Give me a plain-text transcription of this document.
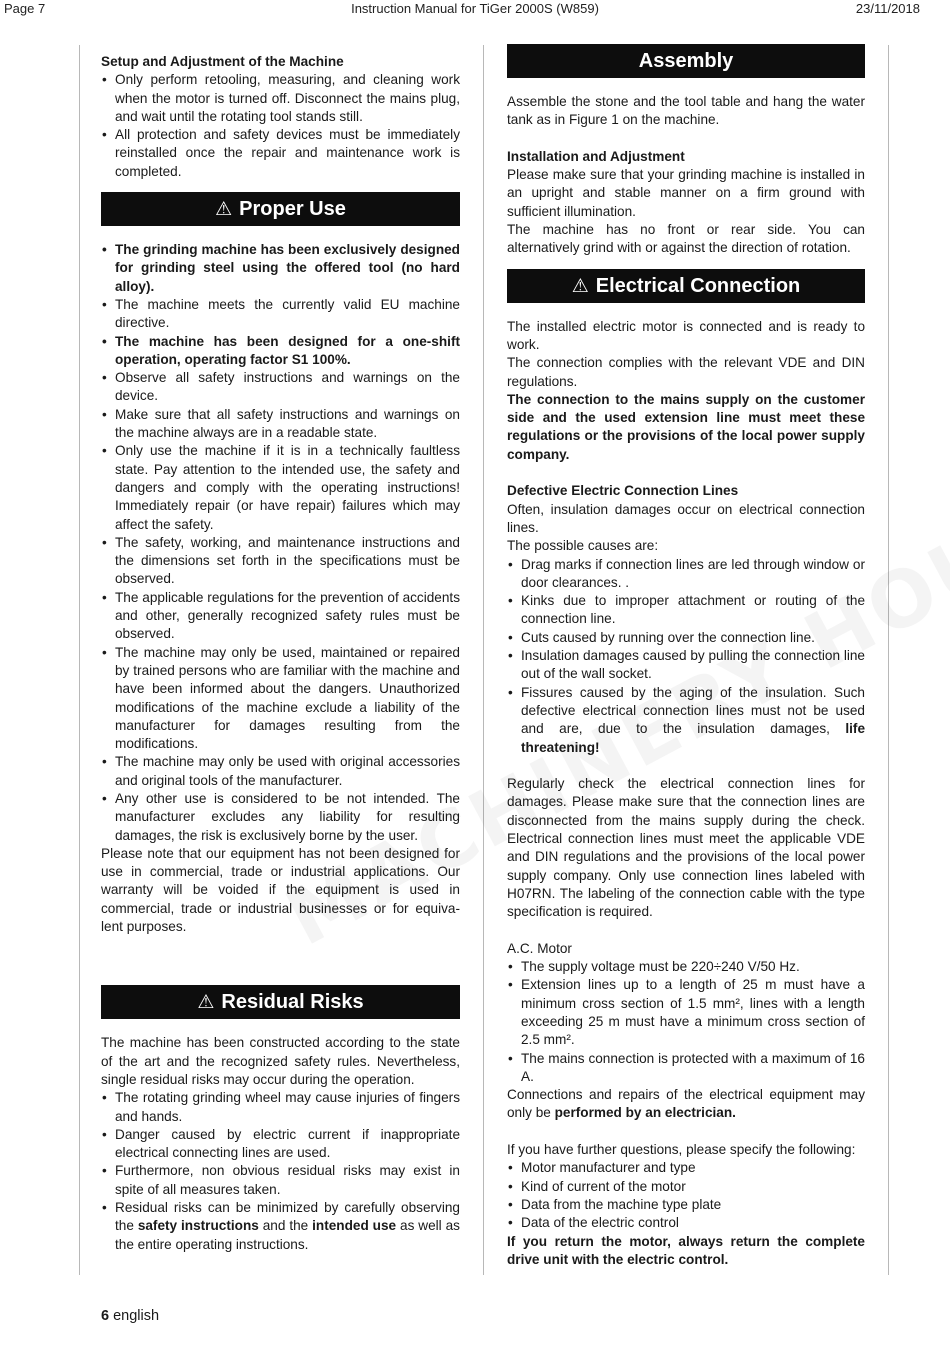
Page 7	Instruction Manual for TiGer 2000S (W859)	23/11/2018

Setup and Adjustment of the Machine

• Only perform retooling, measuring, and cleaning work when the motor is turned off. Disconnect the mains plug, and wait until the rotating tool stands still.
• All protection and safety devices must be immediately reinstalled once the repair and maintenance work is completed.
⚠ Proper Use
• The grinding machine has been exclusively designed for grinding steel using the offered tool (no hard alloy).
• The machine meets the currently valid EU machine directive.
• The machine has been designed for a one-shift operation, operating factor S1 100%.
• Observe all safety instructions and warnings on the device.
• Make sure that all safety instructions and warnings on the machine always are in a readable state.
• Only use the machine if it is in a technically faultless state. Pay attention to the intended use, the safety and dangers and comply with the operating instructions! Immediately repair (or have repair) failures which may affect the safety.
• The safety, working, and maintenance instructions and the dimensions set forth in the specifications must be observed.
• The applicable regulations for the prevention of accidents and other, generally recognized safety rules must be observed.
• The machine may only be used, maintained or repaired by trained persons who are familiar with the machine and have been informed about the dangers. Unauthorized modifications of the machine exclude a liability of the manufacturer for damages resulting from the modifications.
• The machine may only be used with original accessories and original tools of the manufacturer.
• Any other use is considered to be not intended. The manufacturer excludes any liability for resulting damages, the risk is exclusively borne by the user.

Please note that our equipment has not been designed for use in commercial, trade or industrial applications. Our warranty will be voided if the equipment is used in commercial, trade or industrial businesses or for equiva-lent purposes.

⚠ Residual Risks

The machine has been constructed according to the state of the art and the recognized safety rules. Nevertheless, single residual risks may occur during the operation.

• The rotating grinding wheel may cause injuries of fingers and hands.
• Danger caused by electric current if inappropriate electrical connecting lines are used.
• Furthermore, non obvious residual risks may exist in spite of all measures taken.
• Residual risks can be minimized by carefully observing the safety instructions and the intended use as well as the entire operating instructions.
Assembly

Assemble the stone and the tool table and hang the water tank as in Figure 1 on the machine.

Installation and Adjustment

Please make sure that your grinding machine is installed in an upright and stable manner on a firm ground with sufficient illumination.

The machine has no front or rear side. You can alternatively grind with or against the direction of rotation.

⚠ Electrical Connection

The installed electric motor is connected and is ready to work.

The connection complies with the relevant VDE and DIN regulations.

The connection to the mains supply on the customer side and the used extension line must meet these regulations or the provisions of the local power supply company.

Defective Electric Connection Lines

Often, insulation damages occur on electrical connection lines.

The possible causes are:

• Drag marks if connection lines are led through window or door clearances. .
• Kinks due to improper attachment or routing of the connection line.
• Cuts caused by running over the connection line.
• Insulation damages caused by pulling the connection line out of the wall socket.
• Fissures caused by the aging of the insulation. Such defective electrical connection lines must not be used and are, due to the insulation damages, life threatening!

Regularly check the electrical connection lines for damages. Please make sure that the connection lines are disconnected from the mains supply during the check. Electrical connection lines must meet the applicable VDE and DIN regulations and the provisions of the local power supply company. Only use connection lines labeled with H07RN. The labeling of the connection cable with the type specification is required.

A.C. Motor

• The supply voltage must be 220÷240 V/50 Hz.
• Extension lines up to a length of 25 m must have a minimum cross section of 1.5 mm², lines with a length exceeding 25 m must have a minimum cross section of 2.5 mm².
• The mains connection is protected with a maximum of 16 A.

Connections and repairs of the electrical equipment may only be performed by an electrician.

If you have further questions, please specify the following:

• Motor manufacturer and type
• Kind of current of the motor
• Data from the machine type plate
• Data of the electric control

If you return the motor, always return the complete drive unit with the electric control.

6 english
